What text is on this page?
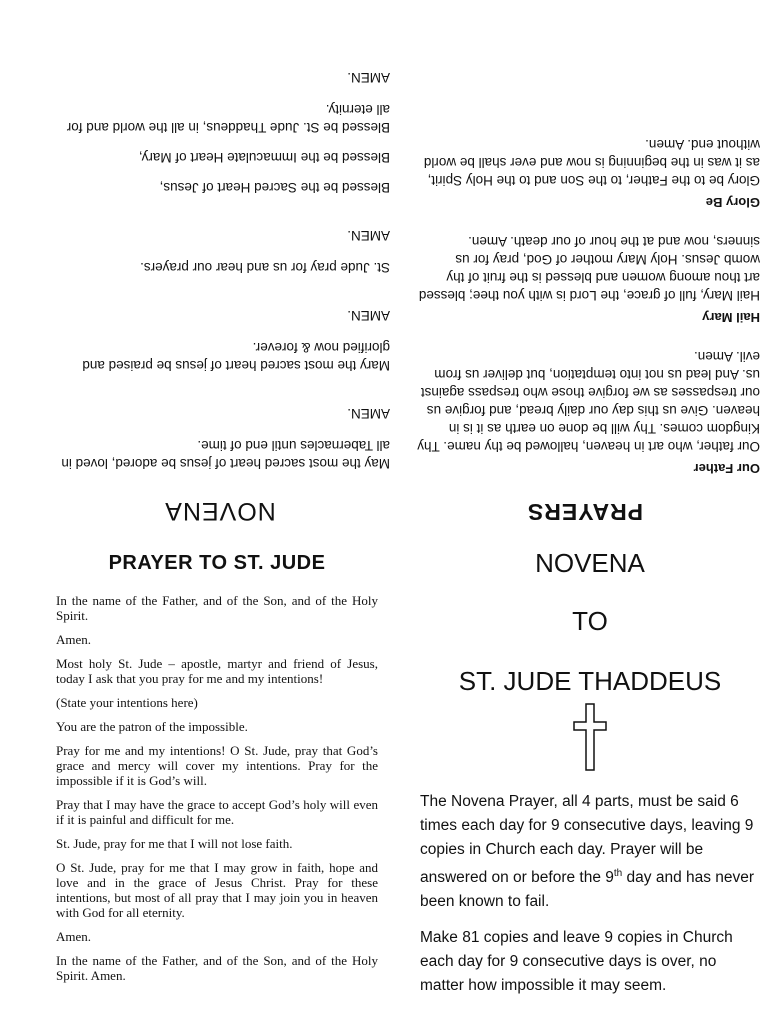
NOVENA

May the most sacred heart of jesus be adored, loved in all Tabernacles until end of time.

AMEN.

Mary the most sacred heart of jesus be praised and glorified now & forever.

AMEN.

St. Jude pray for us and hear our prayers.

AMEN.

Blessed be the Sacred Heart of Jesus,

Blessed be the Immaculate Heart of Mary,

Blessed be St. Jude Thaddeus, in all the world and for all eternity.

AMEN.

PRAYERS

Our Father

Our father, who art in heaven, hallowed be thy name. Thy Kingdom comes. Thy will be done on earth as it is in heaven. Give us this day our daily bread, and forgive us our trespasses as we forgive those who trespass against us. And lead us not into temptation, but deliver us from evil. Amen.

Hail Mary

Hail Mary, full of grace, the Lord is with you thee; blessed art thou among women and blessed is the fruit of thy womb Jesus. Holy Mary mother of God, pray for us sinners, now and at the hour of our death. Amen.

Glory Be

Glory be to the Father, to the Son and to the Holy Spirit, as it was in the beginning is now and ever shall be world without end. Amen.

PRAYER TO ST. JUDE

In the name of the Father, and of the Son, and of the Holy Spirit.

Amen.

Most holy St. Jude – apostle, martyr and friend of Jesus, today I ask that you pray for me and my intentions!

(State your intentions here)

You are the patron of the impossible.

Pray for me and my intentions! O St. Jude, pray that God’s grace and mercy will cover my intentions. Pray for the impossible if it is God’s will.

Pray that I may have the grace to accept God’s holy will even if it is painful and difficult for me.

St. Jude, pray for me that I will not lose faith.

O St. Jude, pray for me that I may grow in faith, hope and love and in the grace of Jesus Christ. Pray for these intentions, but most of all pray that I may join you in heaven with God for all eternity.

Amen.

In the name of the Father, and of the Son, and of the Holy Spirit. Amen.

NOVENA

TO

ST. JUDE THADDEUS

The Novena Prayer, all 4 parts, must be said 6 times each day for 9 consecutive days, leaving 9 copies in Church each day. Prayer will be answered on or before the 9th day and has never been known to fail.

Make 81 copies and leave 9 copies in Church each day for 9 consecutive days is over, no matter how impossible it may seem.
